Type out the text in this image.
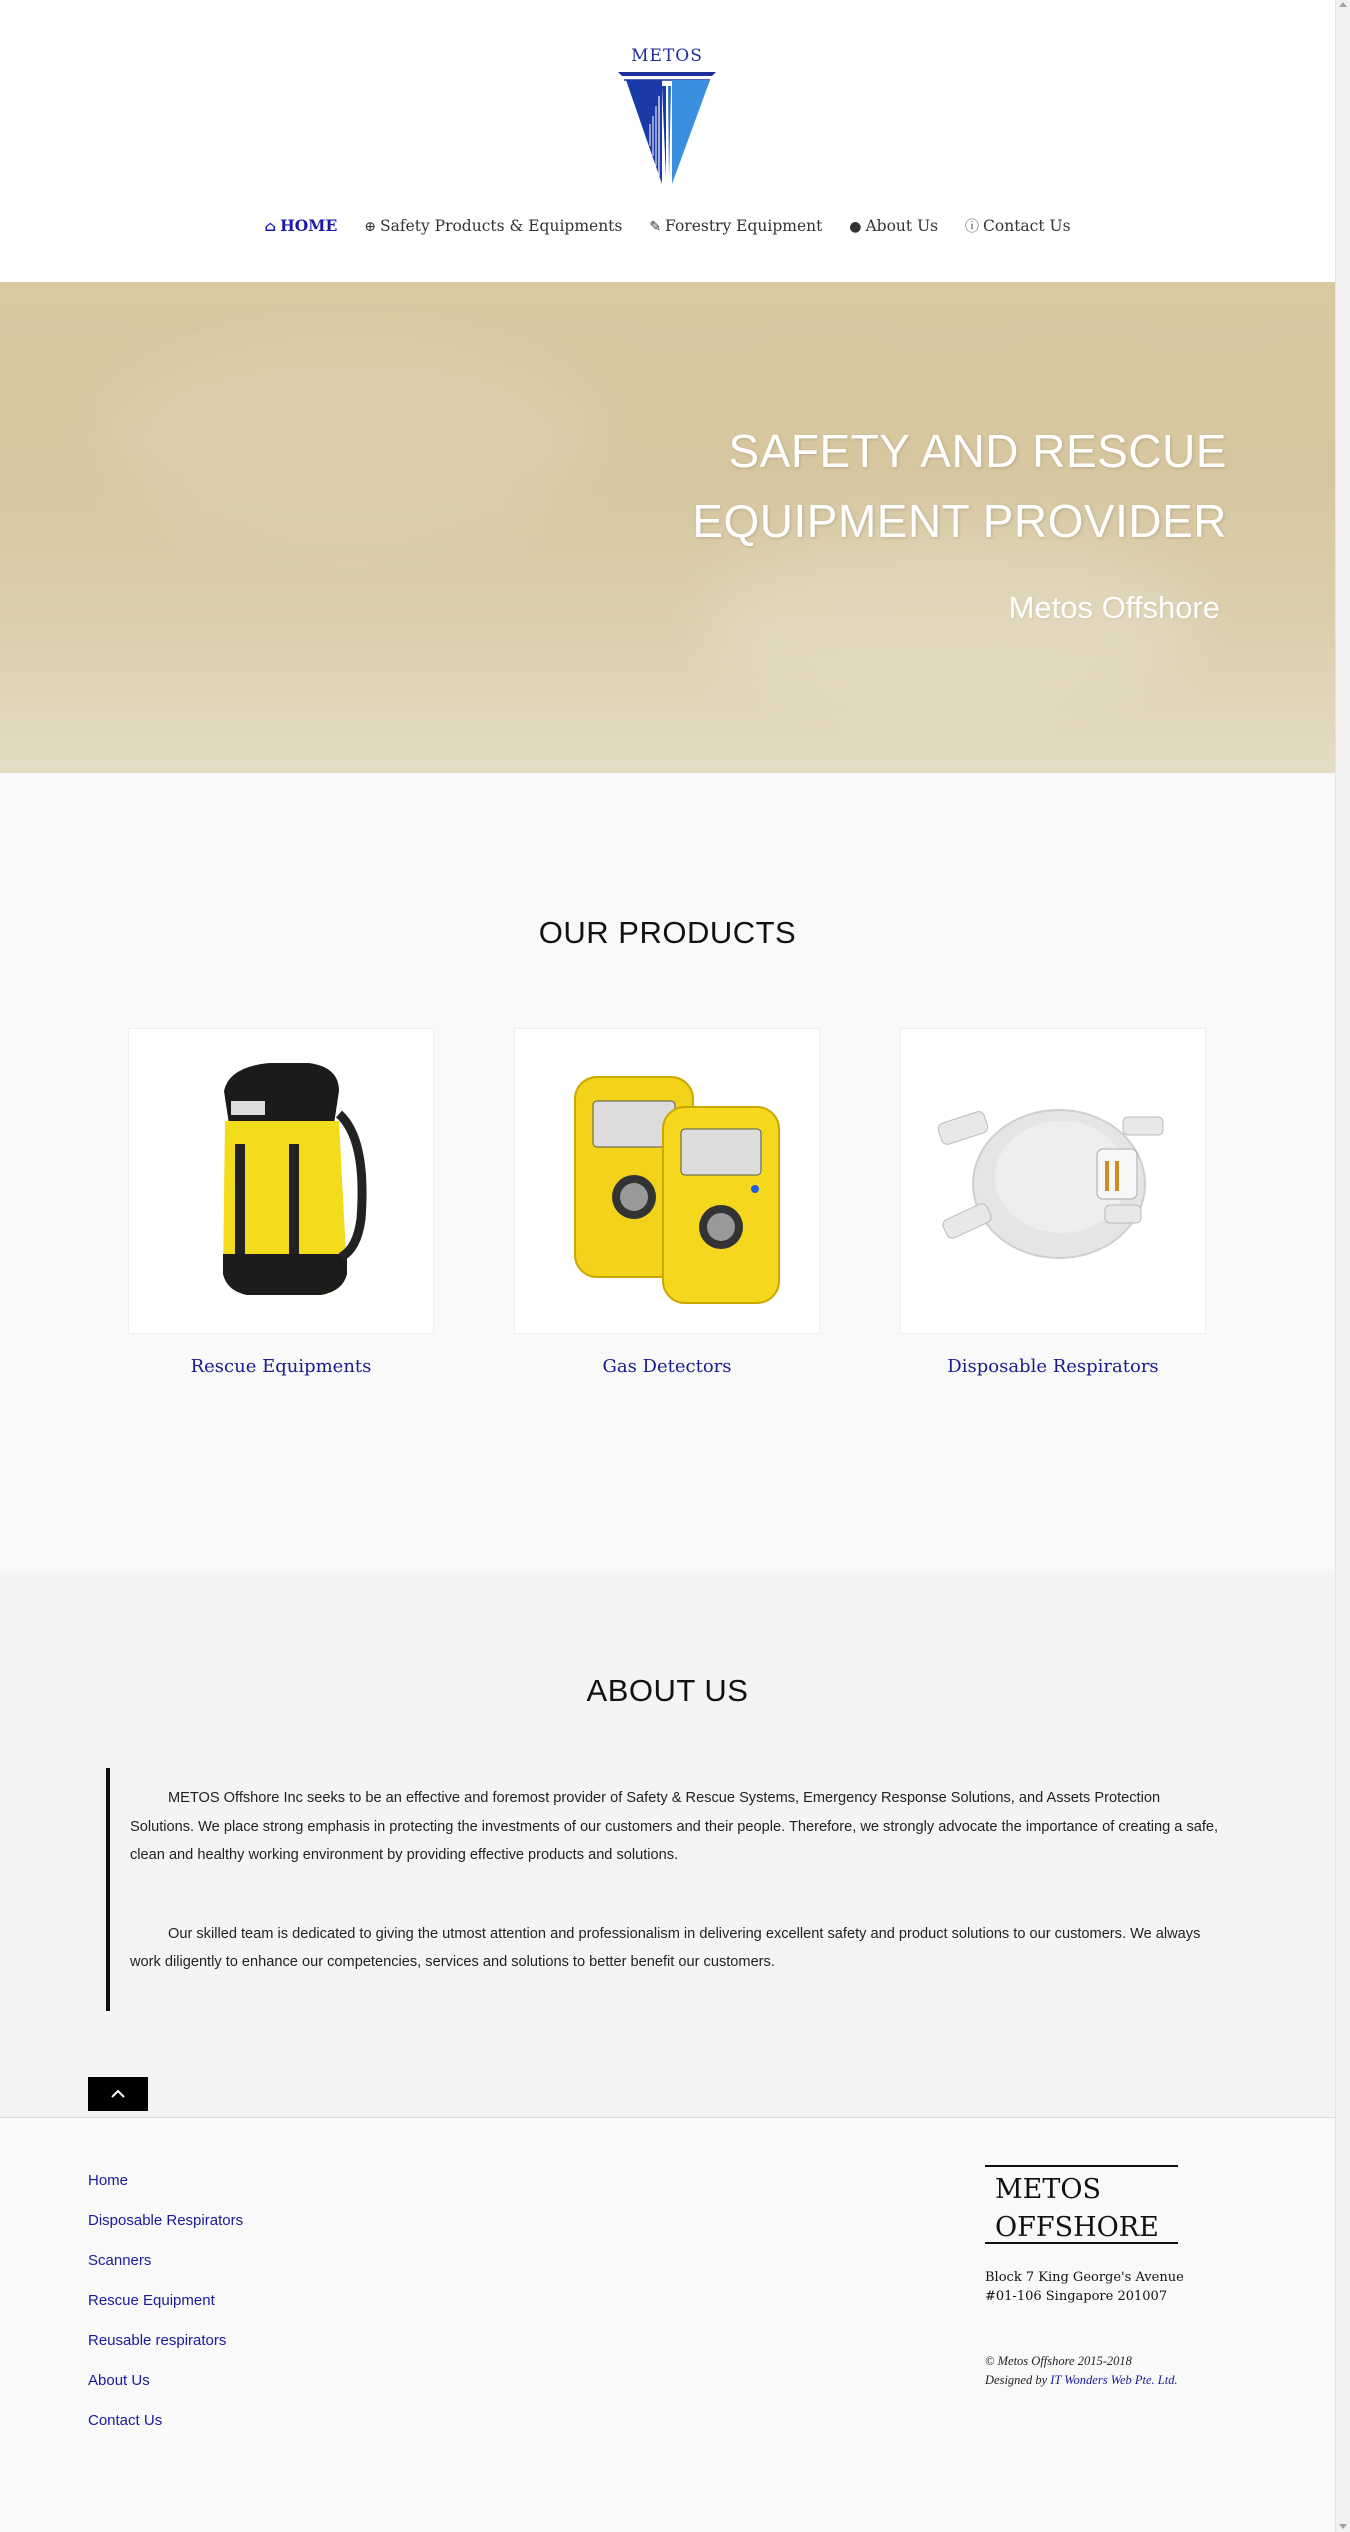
METOS
⌂ HOME ⊕ Safety Products & Equipments ✎ Forestry Equipment ● About Us ⓘ Contact Us
SAFETY AND RESCUE
EQUIPMENT PROVIDER
Metos Offshore
OUR PRODUCTS
Rescue Equipments	Gas Detectors	Disposable Respirators
ABOUT US

METOS Offshore Inc seeks to be an effective and foremost provider of Safety & Rescue Systems, Emergency Response Solutions, and Assets Protection Solutions. We place strong emphasis in protecting the investments of our customers and their people. Therefore, we strongly advocate the importance of creating a safe, clean and healthy working environment by providing effective products and solutions.

Our skilled team is dedicated to giving the utmost attention and professionalism in delivering excellent safety and product solutions to our customers. We always work diligently to enhance our competencies, services and solutions to better benefit our customers.

Home
Disposable Respirators
Scanners
Rescue Equipment
Reusable respirators
About Us
Contact Us
METOS
OFFSHORE
Block 7 King George's Avenue
#01-106 Singapore 201007
© Metos Offshore 2015-2018
Designed by IT Wonders Web Pte. Ltd.
